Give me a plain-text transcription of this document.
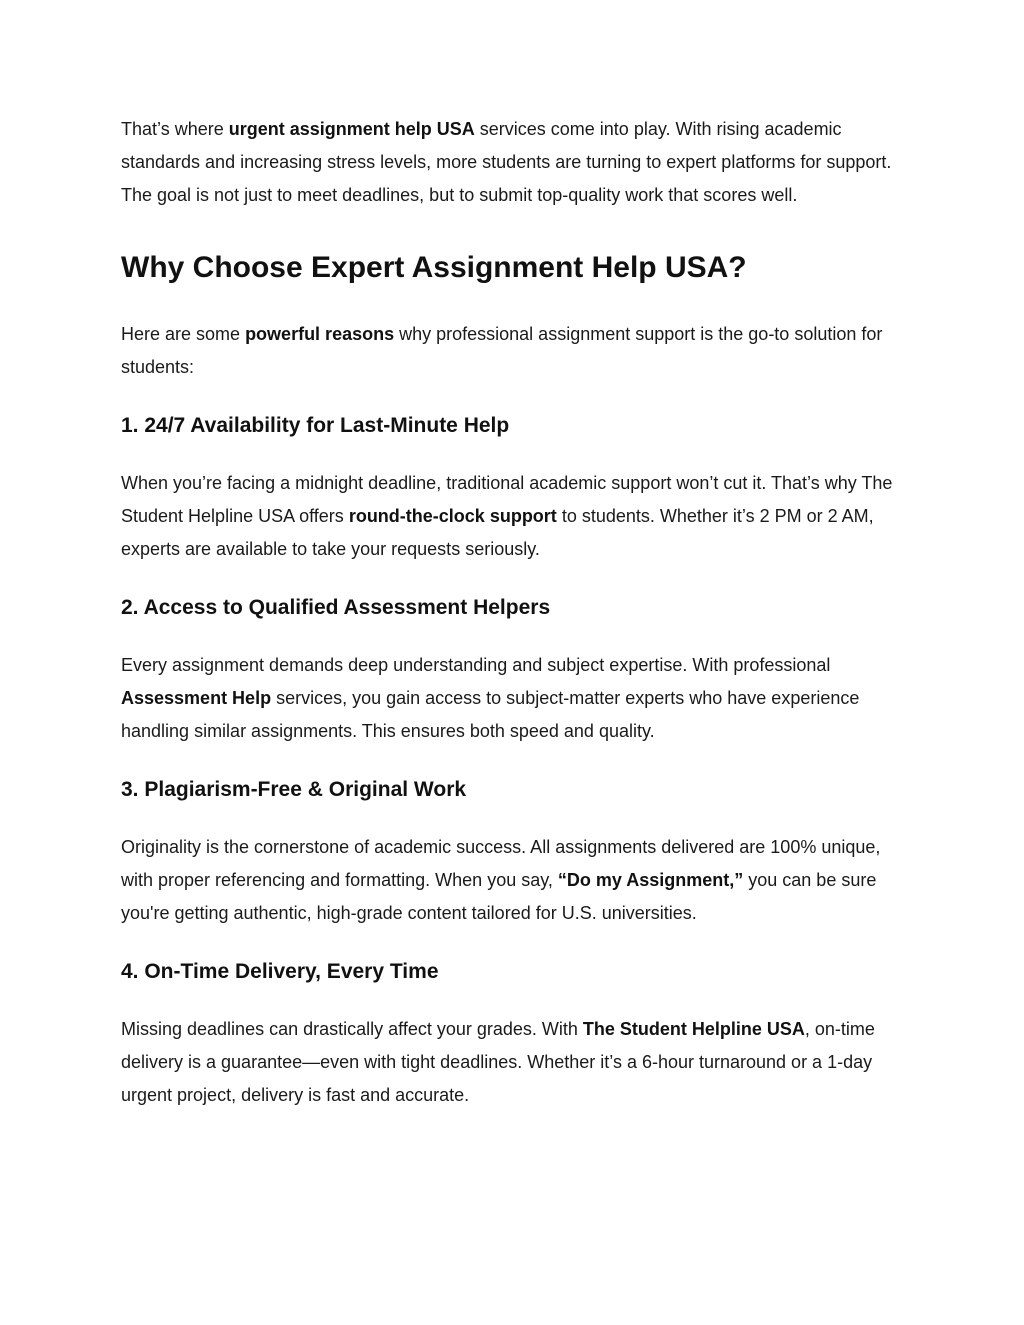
That’s where urgent assignment help USA services come into play. With rising academic standards and increasing stress levels, more students are turning to expert platforms for support. The goal is not just to meet deadlines, but to submit top-quality work that scores well.

Why Choose Expert Assignment Help USA?

Here are some powerful reasons why professional assignment support is the go-to solution for students:

1. 24/7 Availability for Last-Minute Help

When you’re facing a midnight deadline, traditional academic support won’t cut it. That’s why The Student Helpline USA offers round-the-clock support to students. Whether it’s 2 PM or 2 AM, experts are available to take your requests seriously.

2. Access to Qualified Assessment Helpers

Every assignment demands deep understanding and subject expertise. With professional Assessment Help services, you gain access to subject-matter experts who have experience handling similar assignments. This ensures both speed and quality.

3. Plagiarism-Free & Original Work

Originality is the cornerstone of academic success. All assignments delivered are 100% unique, with proper referencing and formatting. When you say, “Do my Assignment,” you can be sure you're getting authentic, high-grade content tailored for U.S. universities.

4. On-Time Delivery, Every Time

Missing deadlines can drastically affect your grades. With The Student Helpline USA, on-time delivery is a guarantee—even with tight deadlines. Whether it’s a 6-hour turnaround or a 1-day urgent project, delivery is fast and accurate.
